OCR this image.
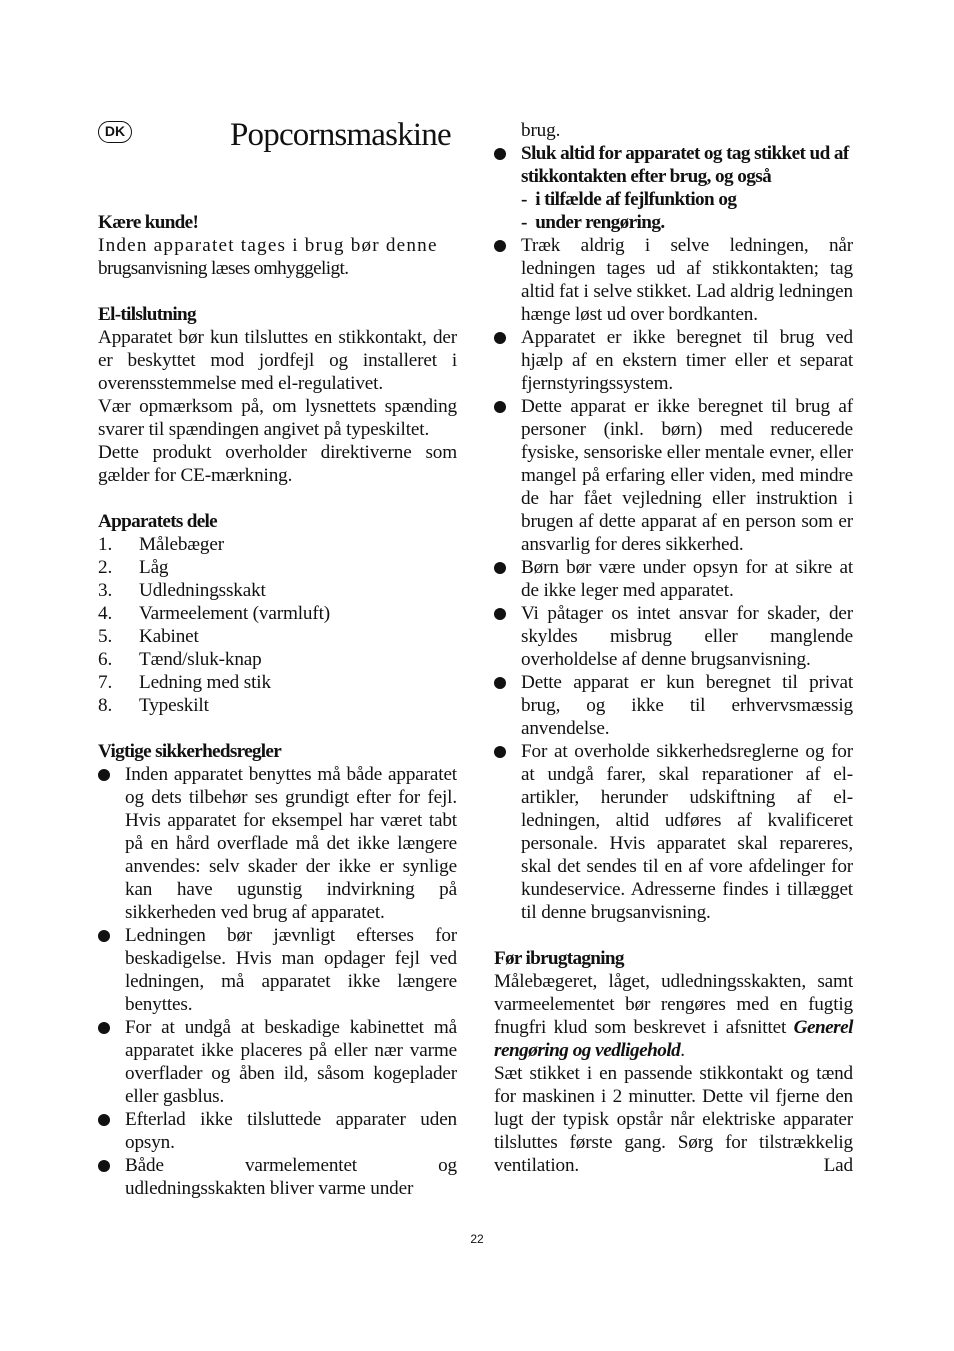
DK	Popcornsmaskine
Kære kunde!
Inden apparatet tages i brug bør denne
brugsanvisning læses omhyggeligt.
El-tilslutning

Apparatet bør kun tilsluttes en stikkontakt, der er beskyttet mod jordfejl og installeret i overensstemmelse med el-regulativet.

Vær opmærksom på, om lysnettets spænding svarer til spændingen angivet på typeskiltet.

Dette produkt overholder direktiverne som gælder for CE-mærkning.

Apparatets dele
1.	Målebæger
2.	Låg
3.	Udledningsskakt
4.	Varmeelement (varmluft)
5.	Kabinet
6.	Tænd/sluk-knap
7.	Ledning med stik
8.	Typeskilt
Vigtige sikkerhedsregler
Inden apparatet benyttes må både apparatet og dets tilbehør ses grundigt efter for fejl. Hvis apparatet for eksempel har været tabt på en hård overflade må det ikke længere anvendes: selv skader der ikke er synlige kan have ugunstig indvirkning på sikkerheden ved brug af apparatet.
Ledningen bør jævnligt efterses for beskadigelse. Hvis man opdager fejl ved ledningen, må apparatet ikke længere benyttes.
For at undgå at beskadige kabinettet må apparatet ikke placeres på eller nær varme overflader og åben ild, såsom kogeplader eller gasblus.
Efterlad ikke tilsluttede apparater uden opsyn.
Både varmelementet og
udledningsskakten bliver varme under
brug.
Sluk altid for apparatet og tag stikket ud af stikkontakten efter brug, og også
-  i tilfælde af fejlfunktion og
-  under rengøring.
Træk aldrig i selve ledningen, når ledningen tages ud af stikkontakten; tag altid fat i selve stikket. Lad aldrig ledningen hænge løst ud over bordkanten.
Apparatet er ikke beregnet til brug ved hjælp af en ekstern timer eller et separat fjernstyringssystem.
Dette apparat er ikke beregnet til brug af personer (inkl. børn) med reducerede fysiske, sensoriske eller mentale evner, eller mangel på erfaring eller viden, med mindre de har fået vejledning eller instruktion i brugen af dette apparat af en person som er ansvarlig for deres sikkerhed.
Børn bør være under opsyn for at sikre at de ikke leger med apparatet.
Vi påtager os intet ansvar for skader, der skyldes misbrug eller manglende overholdelse af denne brugsanvisning.
Dette apparat er kun beregnet til privat brug, og ikke til erhvervsmæssig anvendelse.
For at overholde sikkerhedsreglerne og for at undgå farer, skal reparationer af el-artikler, herunder udskiftning af el-ledningen, altid udføres af kvalificeret personale. Hvis apparatet skal repareres, skal det sendes til en af vore afdelinger for kundeservice. Adresserne findes i tillægget til denne brugsanvisning.
Før ibrugtagning

Målebægeret, låget, udledningsskakten, samt varmeelementet bør rengøres med en fugtig fnugfri klud som beskrevet i afsnittet Generel rengøring og vedligehold.

Sæt stikket i en passende stikkontakt og tænd for maskinen i 2 minutter. Dette vil fjerne den lugt der typisk opstår når elektriske apparater tilsluttes første gang. Sørg for tilstrækkelig ventilation. Lad

22
